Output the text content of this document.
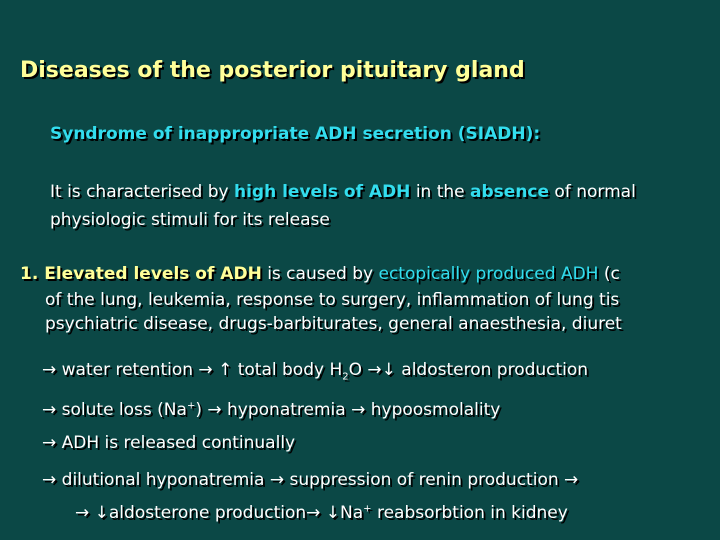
Diseases of the posterior pituitary gland
Syndrome of inappropriate ADH secretion (SIADH):
It is characterised by high levels of ADH in the absence of normal
physiologic stimuli for its release
1. Elevated levels of ADH is caused by ectopically produced ADH (c
of the lung, leukemia, response to surgery, inflammation of lung tis
psychiatric disease, drugs-barbiturates, general anaesthesia, diuret
→ water retention → ↑ total body $H_2O$ →↓ aldosteron production
→ solute loss (Na+) → hyponatremia → hypoosmolality
→ ADH is released continually
→ dilutional hyponatremia → suppression of renin production →
→ ↓aldosterone production→ ↓Na+ reabsorbtion in kidney
